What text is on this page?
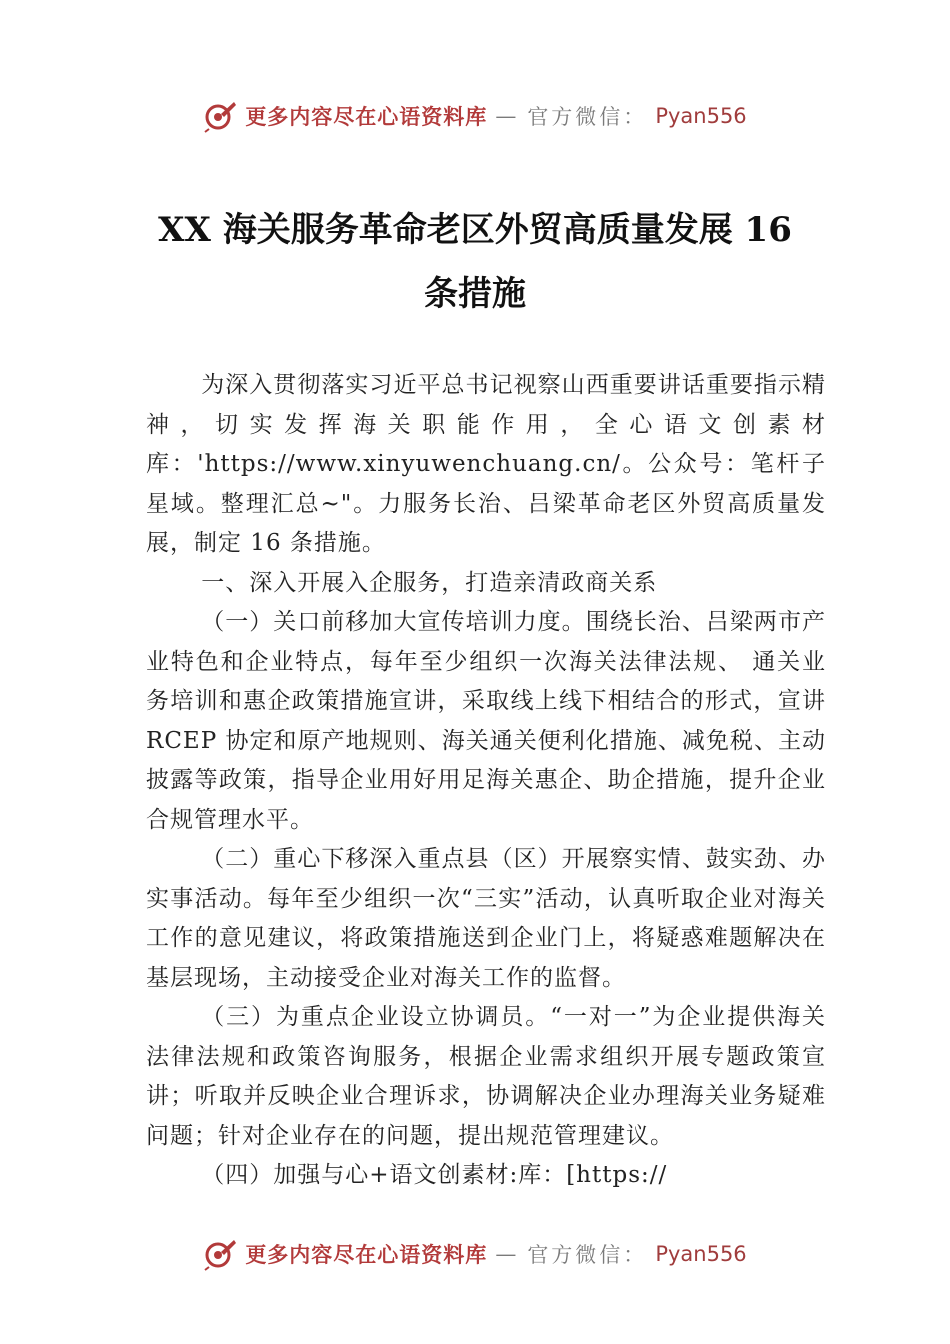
更多内容尽在心语资料库 — 官方微信： Pyan556
XX 海关服务革命老区外贸高质量发展 16
条措施

为深入贯彻落实习近平总书记视察山西重要讲话重要指示精神，切实发挥海关职能作用，全心语文创素材库：'https://www.xinyuwenchuang.cn/。公众号：笔杆子星域。整理汇总~"。力服务长治、吕梁革命老区外贸高质量发展，制定 16 条措施。

一、深入开展入企服务，打造亲清政商关系

（一）关口前移加大宣传培训力度。围绕长治、吕梁两市产业特色和企业特点，每年至少组织一次海关法律法规、 通关业务培训和惠企政策措施宣讲，采取线上线下相结合的形式，宣讲 RCEP 协定和原产地规则、海关通关便利化措施、减免税、主动披露等政策，指导企业用好用足海关惠企、助企措施，提升企业合规管理水平。

（二）重心下移深入重点县（区）开展察实情、鼓实劲、办实事活动。每年至少组织一次“三实”活动，认真听取企业对海关工作的意见建议，将政策措施送到企业门上，将疑惑难题解决在基层现场，主动接受企业对海关工作的监督。

（三）为重点企业设立协调员。“一对一”为企业提供海关法律法规和政策咨询服务，根据企业需求组织开展专题政策宣讲；听取并反映企业合理诉求，协调解决企业办理海关业务疑难问题；针对企业存在的问题，提出规范管理建议。

（四）加强与心+语文创素材:库：[https://

更多内容尽在心语资料库 — 官方微信： Pyan556
